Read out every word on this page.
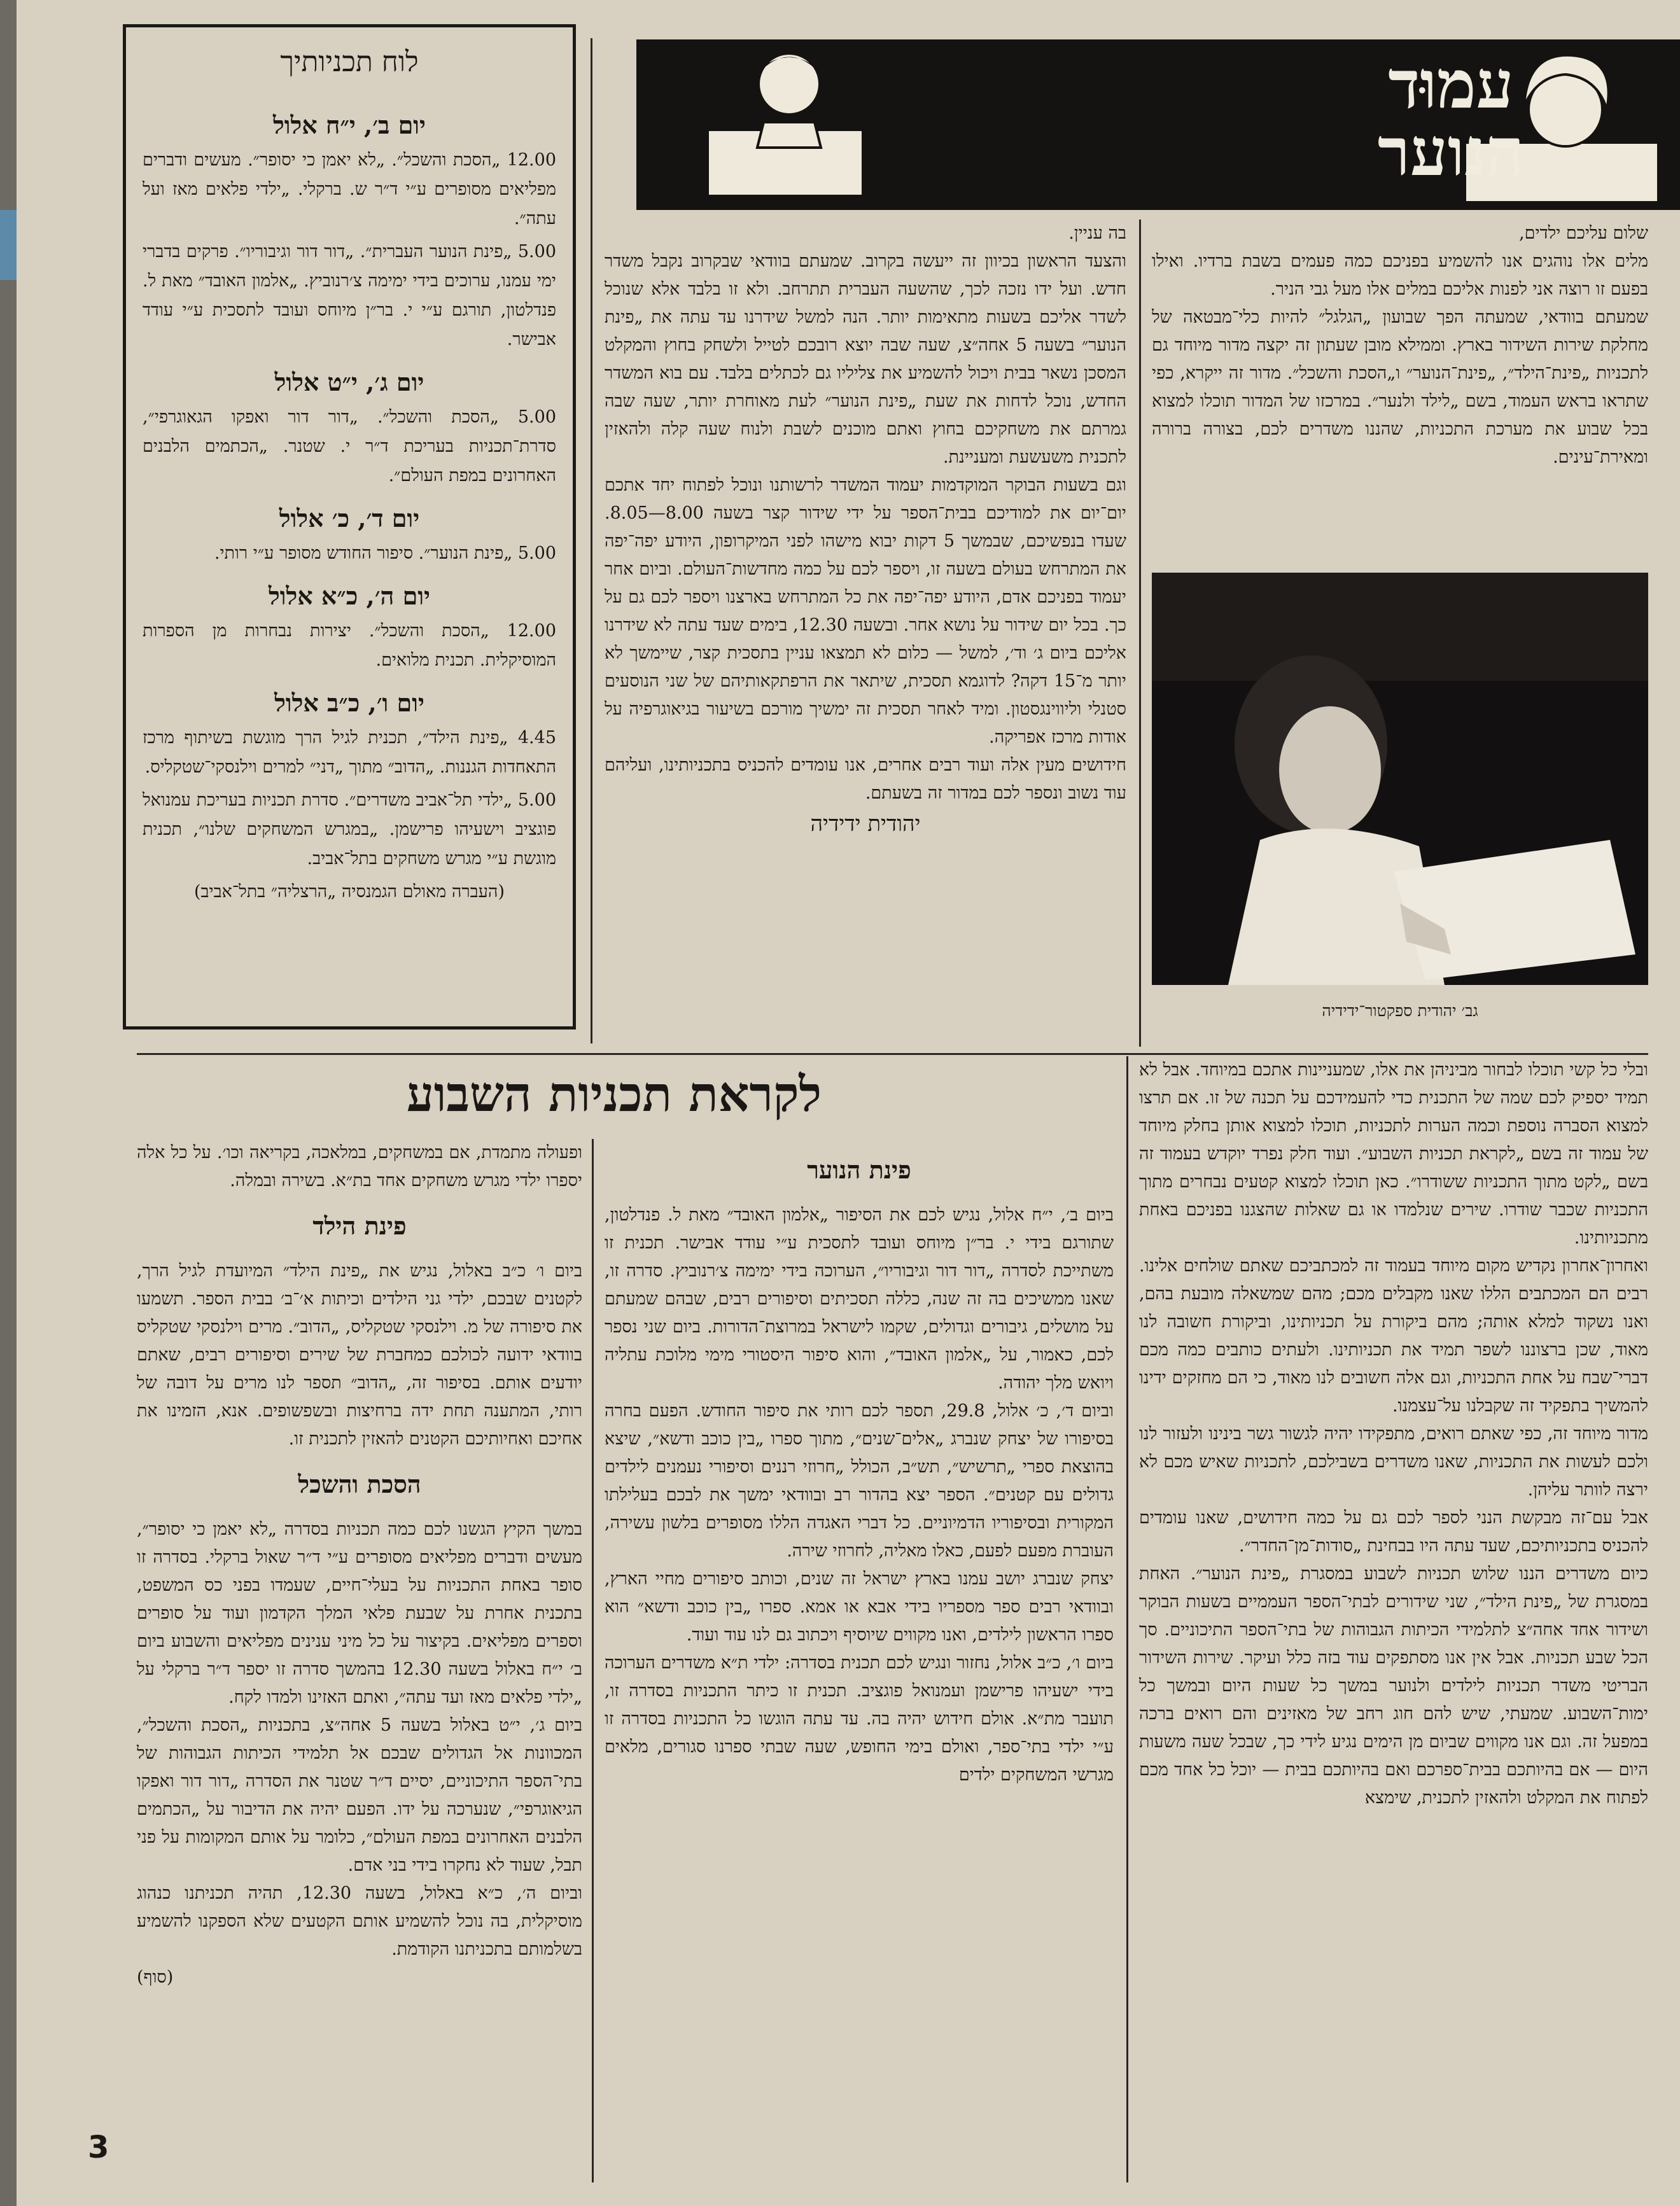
עמוּד
הנוער
לוח תכניותיך
יום ב׳, י״ח אלול
12.00 „הסכת והשכל״. „לא יאמן כי יסופר״. מעשים ודברים מפליאים מסופרים ע״י ד״ר ש. ברקלי. „ילדי פלאים מאז ועל עתה״.
5.00 „פינת הנוער העברית״. „דור דור וגיבוריו״. פרקים בדברי ימי עמנו, ערוכים בידי ימימה צ׳רנוביץ. „אלמון האובד״ מאת ל. פנדלטון, תורגם ע״י י. בר״ן מיוחס ועובד לתסכית ע״י עודד אבישר.
יום ג׳, י״ט אלול
5.00 „הסכת והשכל״. „דור דור ואפקו הגאוגרפי״, סדרת־תכניות בעריכת ד״ר י. שטנר. „הכתמים הלבנים האחרונים במפת העולם״.
יום ד׳, כ׳ אלול
5.00 „פינת הנוער״. סיפור החודש מסופר ע״י רותי.
יום ה׳, כ״א אלול
12.00 „הסכת והשכל״. יצירות נבחרות מן הספרות המוסיקלית. תכנית מלואים.
יום ו׳, כ״ב אלול
4.45 „פינת הילד״, תכנית לגיל הרך מוגשת בשיתוף מרכז התאחדות הגננות. „הדוב״ מתוך „דני״ למרים וילנסקי־שטקליס.
5.00 „ילדי תל־אביב משדרים״. סדרת תכניות בעריכת עמנואל פוגציב וישעיהו פרישמן. „במגרש המשחקים שלנו״, תכנית מוגשת ע״י מגרש משחקים בתל־אביב.
(העברה מאולם הגמנסיה „הרצליה״ בתל־אביב)
שלום עליכם ילדים,
מלים אלו נוהגים אנו להשמיע בפניכם כמה פעמים בשבת ברדיו. ואילו בפעם זו רוצה אני לפנות אליכם במלים אלו מעל גבי הניר.
שמעתם בוודאי, שמעתה הפך שבועון „הגלגל״ להיות כלי־מבטאה של מחלקת שירות השידור בארץ. וממילא מובן שעתון זה יקצה מדור מיוחד גם לתכניות „פינת־הילד״, „פינת־הנוער״ ו„הסכת והשכל״. מדור זה ייקרא, כפי שתראו בראש העמוד, בשם „לילד ולנער״. במרכזו של המדור תוכלו למצוא בכל שבוע את מערכת התכניות, שהננו משדרים לכם, בצורה ברורה ומאירת־עינים.
גב׳ יהודית ספקטור־ידידיה
בה עניין.
והצעד הראשון בכיוון זה ייעשה בקרוב. שמעתם בוודאי שבקרוב נקבל משדר חדש. ועל ידו נזכה לכך, שהשעה העברית תתרחב. ולא זו בלבד אלא שנוכל לשדר אליכם בשעות מתאימות יותר. הנה למשל שידרנו עד עתה את „פינת הנוער״ בשעה 5 אחה״צ, שעה שבה יוצא רובכם לטייל ולשחק בחוץ והמקלט המסכן נשאר בבית ויכול להשמיע את צליליו גם לכתלים בלבד. עם בוא המשדר החדש, נוכל לדחות את שעת „פינת הנוער״ לעת מאוחרת יותר, שעה שבה גמרתם את משחקיכם בחוץ ואתם מוכנים לשבת ולנוח שעה קלה ולהאזין לתכנית משעשעת ומעניינת.
וגם בשעות הבוקר המוקדמות יעמוד המשדר לרשותנו ונוכל לפתוח יחד אתכם יום־יום את למודיכם בבית־הספר על ידי שידור קצר בשעה 8.00—8.05. שעדו בנפשיכם, שבמשך 5 דקות יבוא מישהו לפני המיקרופון, היודע יפה־יפה את המתרחש בעולם בשעה זו, ויספר לכם על כמה מחדשות־העולם. וביום אחר יעמוד בפניכם אדם, היודע יפה־יפה את כל המתרחש בארצנו ויספר לכם גם על כך. בכל יום שידור על נושא אחר. ובשעה 12.30, בימים שעד עתה לא שידרנו אליכם ביום ג׳ וד׳, למשל — כלום לא תמצאו עניין בתסכית קצר, שיימשך לא יותר מ־15 דקה? לדוגמא תסכית, שיתאר את הרפתקאותיהם של שני הנוסעים סטנלי וליווינגסטון. ומיד לאחר תסכית זה ימשיך מורכם בשיעור בגיאוגרפיה על אודות מרכז אפריקה.
חידושים מעין אלה ועוד רבים אחרים, אנו עומדים להכניס בתכניותינו, ועליהם עוד נשוב ונספר לכם במדור זה בשעתם.
יהודית ידידיה
לקראת תכניות השבוע	ובלי כל קשי תוכלו לבחור מביניהן את אלו, שמעניינות אתכם במיוחד. אבל לא תמיד יספיק לכם שמה של התכנית כדי להעמידכם על תכנה של זו. אם תרצו למצוא הסברה נוספת וכמה הערות לתכניות, תוכלו למצוא אותן בחלק מיוחד של עמוד זה בשם „לקראת תכניות השבוע״. ועוד חלק נפרד יוקדש בעמוד זה בשם „לקט מתוך התכניות ששודרו״. כאן תוכלו למצוא קטעים נבחרים מתוך התכניות שכבר שודרו. שירים שנלמדו או גם שאלות שהצגנו בפניכם באחת מתכניותינו.
ואחרון־אחרון נקדיש מקום מיוחד בעמוד זה למכתביכם שאתם שולחים אלינו. רבים הם המכתבים הללו שאנו מקבלים מכם; מהם שמשאלה מובעת בהם, ואנו נשקוד למלא אותה; מהם ביקורת על תכניותינו, וביקורת חשובה לנו מאוד, שכן ברצוננו לשפר תמיד את תכניותינו. ולעתים כותבים כמה מכם דברי־שבח על אחת התכניות, וגם אלה חשובים לנו מאוד, כי הם מחזקים ידינו להמשיך בתפקיד זה שקבלנו על־עצמנו.
מדור מיוחד זה, כפי שאתם רואים, מתפקידו יהיה לגשור גשר בינינו ולעזור לנו ולכם לעשות את התכניות, שאנו משדרים בשבילכם, לתכניות שאיש מכם לא ירצה לוותר עליהן.
אבל עם־זה מבקשת הנני לספר לכם גם על כמה חידושים, שאנו עומדים להכניס בתכניותיכם, שעד עתה היו בבחינת „סודות־מן־החדר״.
כיום משדרים הננו שלוש תכניות לשבוע במסגרת „פינת הנוער״. האחת במסגרת של „פינת הילד״, שני שידורים לבתי־הספר העממיים בשעות הבוקר ושידור אחד אחה״צ לתלמידי הכיתות הגבוהות של בתי־הספר התיכוניים. סך הכל שבע תכניות. אבל אין אנו מסתפקים עוד בזה כלל ועיקר. שירות השידור הבריטי משדר תכניות לילדים ולנוער במשך כל שעות היום ובמשך כל ימות־השבוע. שמעתי, שיש להם חוג רחב של מאזינים והם רואים ברכה במפעל זה. וגם אנו מקווים שביום מן הימים נגיע לידי כך, שבכל שעה משעות היום — אם בהיותכם בבית־ספרכם ואם בהיותכם בבית — יוכל כל אחד מכם לפתוח את המקלט ולהאזין לתכנית, שימצא
פינת הנוער
ביום ב׳, י״ח אלול, נגיש לכם את הסיפור „אלמון האובד״ מאת ל. פנדלטון, שתורגם בידי י. בר״ן מיוחס ועובד לתסכית ע״י עודד אבישר. תכנית זו משתייכת לסדרה „דור דור וגיבוריו״, הערוכה בידי ימימה צ׳רנוביץ. סדרה זו, שאנו ממשיכים בה זה שנה, כללה תסכיתים וסיפורים רבים, שבהם שמעתם על מושלים, גיבורים וגדולים, שקמו לישראל במרוצת־הדורות. ביום שני נספר לכם, כאמור, על „אלמון האובד״, והוא סיפור היסטורי מימי מלוכת עתליה ויואש מלך יהודה.
וביום ד׳, כ׳ אלול, 29.8, תספר לכם רותי את סיפור החודש. הפעם בחרה בסיפורו של יצחק שנברג „אלים־שנים״, מתוך ספרו „בין כוכב ודשא״, שיצא בהוצאת ספרי „תרשיש״, תש״ב, הכולל „חרוזי רננים וסיפורי נעמנים לילדים גדולים עם קטנים״. הספר יצא בהדור רב ובוודאי ימשך את לבכם בעלילתו המקורית ובסיפוריו הדמיוניים. כל דברי האגדה הללו מסופרים בלשון עשירה, העוברת מפעם לפעם, כאלו מאליה, לחרוזי שירה.
יצחק שנברג יושב עמנו בארץ ישראל זה שנים, וכותב סיפורים מחיי הארץ, ובוודאי רבים ספר מספריו בידי אבא או אמא. ספרו „בין כוכב ודשא״ הוא ספרו הראשון לילדים, ואנו מקווים שיוסיף ויכתוב גם לנו עוד ועוד.
ביום ו׳, כ״ב אלול, נחזור ונגיש לכם תכנית בסדרה: ילדי ת״א משדרים הערוכה בידי ישעיהו פרישמן ועמנואל פוגציב. תכנית זו כיתר התכניות בסדרה זו, תועבר מת״א. אולם חידוש יהיה בה. עד עתה הוגשו כל התכניות בסדרה זו ע״י ילדי בתי־ספר, ואולם בימי החופש, שעה שבתי ספרנו סגורים, מלאים מגרשי המשחקים ילדים
ופעולה מתמדת, אם במשחקים, במלאכה, בקריאה וכו׳. על כל אלה יספרו ילדי מגרש משחקים אחד בת״א. בשירה ובמלה.
פינת הילד
ביום ו׳ כ״ב באלול, נגיש את „פינת הילד״ המיועדת לגיל הרך, לקטנים שבכם, ילדי גני הילדים וכיתות א׳־ב׳ בבית הספר. תשמעו את סיפורה של מ. וילנסקי שטקליס, „הדוב״. מרים וילנסקי שטקליס בוודאי ידועה לכולכם כמחברת של שירים וסיפורים רבים, שאתם יודעים אותם. בסיפור זה, „הדוב״ תספר לנו מרים על דובה של רותי, המתענה תחת ידה ברחיצות ובשפשופים. אנא, הזמינו את אחיכם ואחיותיכם הקטנים להאזין לתכנית זו.
הסכת והשכל
במשך הקיץ הגשנו לכם כמה תכניות בסדרה „לא יאמן כי יסופר״, מעשים ודברים מפליאים מסופרים ע״י ד״ר שאול ברקלי. בסדרה זו סופר באחת התכניות על בעלי־חיים, שעמדו בפני כס המשפט, בתכנית אחרת על שבעת פלאי המלך הקדמון ועוד על סופרים וספרים מפליאים. בקיצור על כל מיני ענינים מפליאים והשבוע ביום ב׳ י״ח באלול בשעה 12.30 בהמשך סדרה זו יספר ד״ר ברקלי על „ילדי פלאים מאז ועד עתה״, ואתם האזינו ולמדו לקח.
ביום ג׳, י״ט באלול בשעה 5 אחה״צ, בתכניות „הסכת והשכל״, המכוונות אל הגדולים שבכם אל תלמידי הכיתות הגבוהות של בתי־הספר התיכוניים, יסיים ד״ר שטנר את הסדרה „דור דור ואפקו הגיאוגרפי״, שנערכה על ידו. הפעם יהיה את הדיבור על „הכתמים הלבנים האחרונים במפת העולם״, כלומר על אותם המקומות על פני תבל, שעוד לא נחקרו בידי בני אדם.
וביום ה׳, כ״א באלול, בשעה 12.30, תהיה תכניתנו כנהוג מוסיקלית, בה נוכל להשמיע אותם הקטעים שלא הספקנו להשמיע בשלמותם בתכניתנו הקודמת.
(סוף)
3
